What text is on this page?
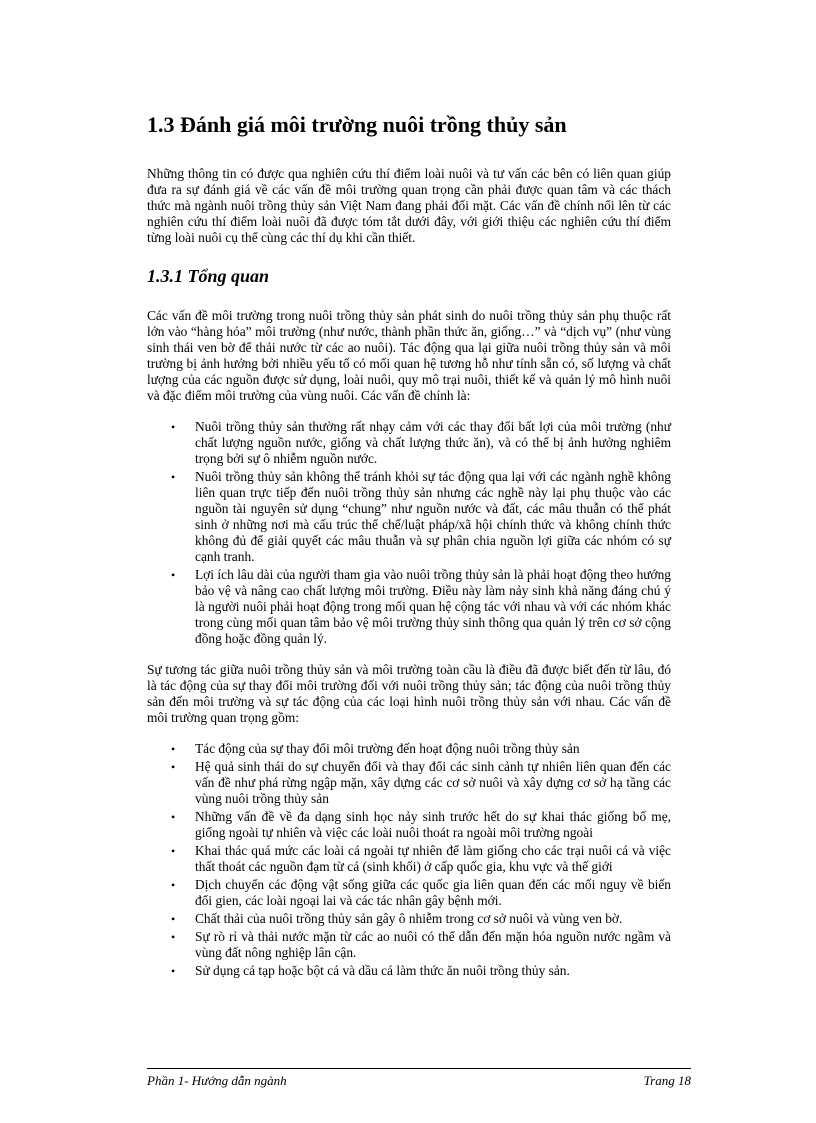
1.3 Đánh giá môi trường nuôi trồng thủy sản

Những thông tin có được qua nghiên cứu thí điểm loài nuôi và tư vấn các bên có liên quan giúp đưa ra sự đánh giá về các vấn đề môi trường quan trọng cần phải được quan tâm và các thách thức mà ngành nuôi trồng thủy sản Việt Nam đang phải đối mặt. Các vấn đề chính nổi lên từ các nghiên cứu thí điểm loài nuôi đã được tóm tắt dưới đây, với giới thiệu các nghiên cứu thí điểm từng loài nuôi cụ thể cùng các thí dụ khi cần thiết.

1.3.1 Tổng quan

Các vấn đề môi trường trong nuôi trồng thủy sản phát sinh do nuôi trồng thủy sản phụ thuộc rất lớn vào “hàng hóa” môi trường (như nước, thành phần thức ăn, giống…” và “dịch vụ” (như vùng sinh thái ven bờ để thải nước từ các ao nuôi). Tác động qua lại giữa nuôi trồng thủy sản và môi trường bị ảnh hưởng bởi nhiều yếu tố có mối quan hệ tương hỗ như tính sẵn có, số lượng và chất lượng của các nguồn được sử dụng, loài nuôi, quy mô trại nuôi, thiết kế và quản lý mô hình nuôi và đặc điểm môi trường của vùng nuôi. Các vấn đề chính là:

• Nuôi trồng thủy sản thường rất nhạy cảm với các thay đổi bất lợi của môi trường (như chất lượng nguồn nước, giống và chất lượng thức ăn), và có thể bị ảnh hưởng nghiêm trọng bởi sự ô nhiễm nguồn nước.
• Nuôi trồng thủy sản không thể tránh khỏi sự tác động qua lại với các ngành nghề không liên quan trực tiếp đến nuôi trồng thủy sản nhưng các nghề này lại phụ thuộc vào các nguồn tài nguyên sử dụng “chung” như nguồn nước và đất, các mâu thuẫn có thể phát sinh ở những nơi mà cấu trúc thể chế/luật pháp/xã hội chính thức và không chính thức không đủ để giải quyết các mâu thuẫn và sự phân chia nguồn lợi giữa các nhóm có sự cạnh tranh.
• Lợi ích lâu dài của người tham gia vào nuôi trồng thủy sản là phải hoạt động theo hướng bảo vệ và nâng cao chất lượng môi trường. Điều này làm nảy sinh khả năng đáng chú ý là người nuôi phải hoạt động trong mối quan hệ cộng tác với nhau và với các nhóm khác trong cùng mối quan tâm bảo vệ môi trường thủy sinh thông qua quản lý trên cơ sở cộng đồng hoặc đồng quản lý.

Sự tương tác giữa nuôi trồng thủy sản và môi trường toàn cầu là điều đã được biết đến từ lâu, đó là tác động của sự thay đổi môi trường đối với nuôi trồng thủy sản; tác động của nuôi trồng thủy sản đến môi trường và sự tác động của các loại hình nuôi trồng thủy sản với nhau. Các vấn đề môi trường quan trọng gồm:

• Tác động của sự thay đổi môi trường đến hoạt động nuôi trồng thủy sản
• Hệ quả sinh thái do sự chuyển đổi và thay đổi các sinh cảnh tự nhiên liên quan đến các vấn đề như phá rừng ngập mặn, xây dựng các cơ sở nuôi và xây dựng cơ sở hạ tầng các vùng nuôi trồng thủy sản
• Những vấn đề về đa dạng sinh học nảy sinh trước hết do sự khai thác giống bố mẹ, giống ngoài tự nhiên và việc các loài nuôi thoát ra ngoài môi trường ngoài
• Khai thác quá mức các loài cá ngoài tự nhiên để làm giống cho các trại nuôi cá và việc thất thoát các nguồn đạm từ cá (sinh khối) ở cấp quốc gia, khu vực và thế giới
• Dịch chuyển các động vật sống giữa các quốc gia liên quan đến các mối nguy về biến đổi gien, các loài ngoại lai và các tác nhân gây bệnh mới.
• Chất thải của nuôi trồng thủy sản gây ô nhiễm trong cơ sở nuôi và vùng ven bờ.
• Sự rò rỉ và thải nước mặn từ các ao nuôi có thể dẫn đến mặn hóa nguồn nước ngầm và vùng đất nông nghiệp lân cận.
• Sử dụng cá tạp hoặc bột cá và dầu cá làm thức ăn nuôi trồng thủy sản.
Phần 1- Hướng dẫn ngành	Trang 18
